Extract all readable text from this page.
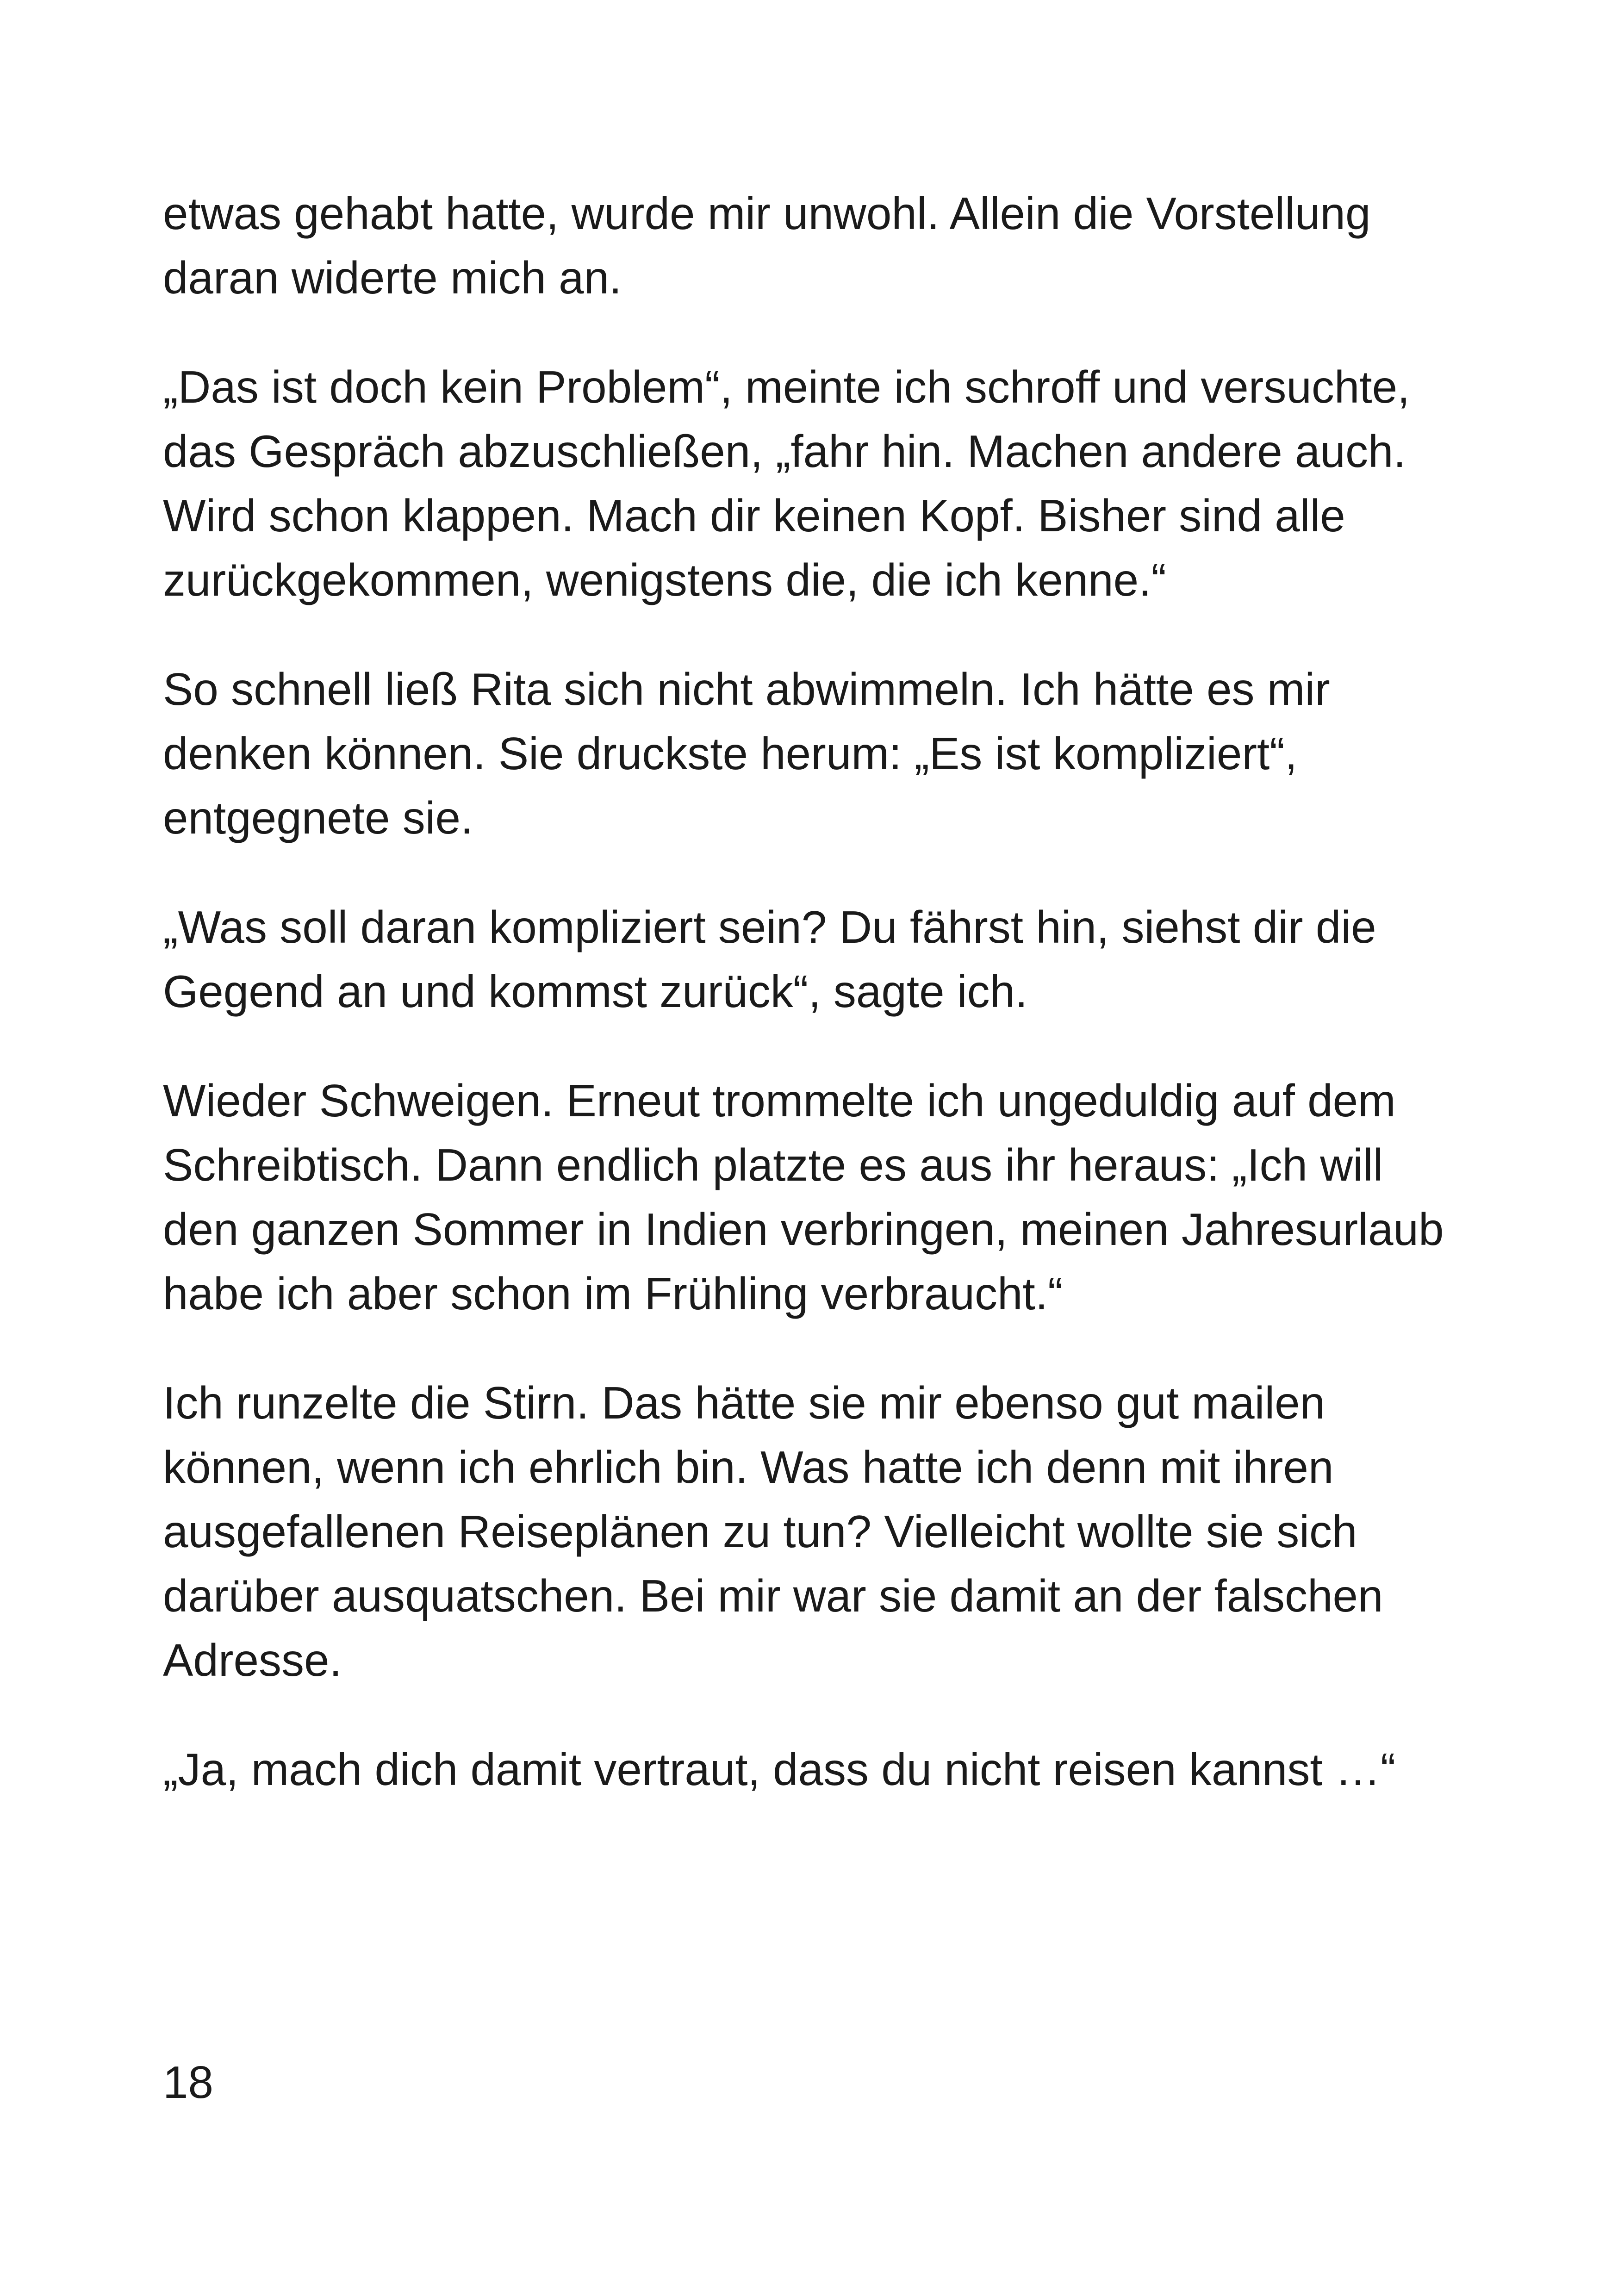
etwas gehabt hatte, wurde mir unwohl. Allein die Vorstellung daran widerte mich an.

„Das ist doch kein Problem“, meinte ich schroff und versuchte, das Gespräch abzuschließen, „fahr hin. Machen andere auch. Wird schon klappen. Mach dir keinen Kopf. Bisher sind alle zurückgekommen, wenigstens die, die ich kenne.“

So schnell ließ Rita sich nicht abwimmeln. Ich hätte es mir denken können. Sie druckste herum: „Es ist kompliziert“, entgegnete sie.

„Was soll daran kompliziert sein? Du fährst hin, siehst dir die Gegend an und kommst zurück“, sagte ich.

Wieder Schweigen. Erneut trommelte ich ungeduldig auf dem Schreibtisch. Dann endlich platzte es aus ihr heraus: „Ich will den ganzen Sommer in Indien verbringen, meinen Jahresurlaub habe ich aber schon im Frühling verbraucht.“

Ich runzelte die Stirn. Das hätte sie mir ebenso gut mailen können, wenn ich ehrlich bin. Was hatte ich denn mit ihren ausgefallenen Reiseplänen zu tun? Vielleicht wollte sie sich darüber ausquatschen. Bei mir war sie damit an der falschen Adresse.

„Ja, mach dich damit vertraut, dass du nicht reisen kannst …“

18
